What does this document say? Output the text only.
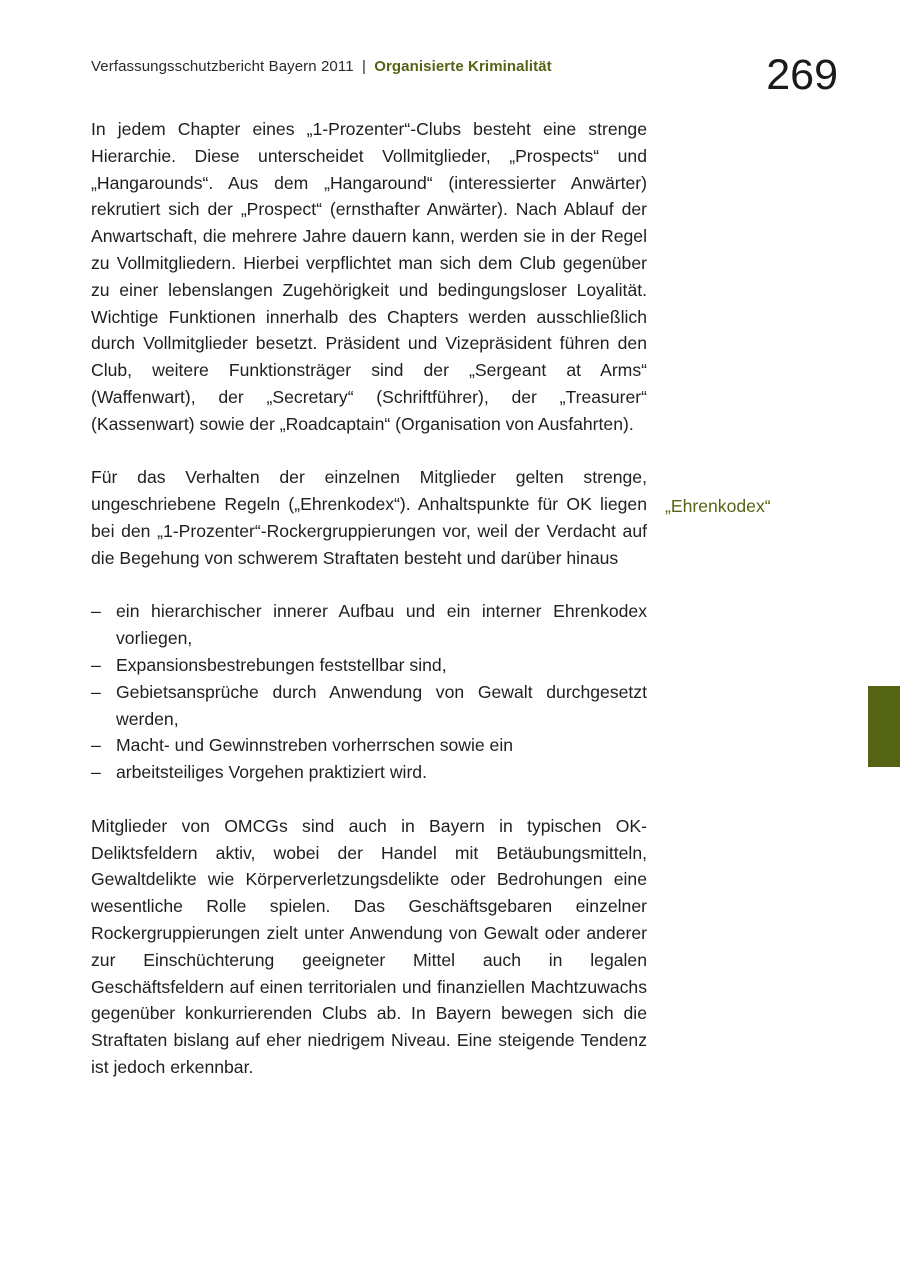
Verfassungsschutzbericht Bayern 2011 | Organisierte Kriminalität	269

In jedem Chapter eines „1-Prozenter“-Clubs besteht eine strenge Hierarchie. Diese unterscheidet Vollmitglieder, „Prospects“ und „Hangarounds“. Aus dem „Hangaround“ (interessierter Anwärter) rekrutiert sich der „Prospect“ (ernsthafter Anwärter). Nach Ablauf der Anwartschaft, die mehrere Jahre dauern kann, werden sie in der Regel zu Vollmitgliedern. Hierbei verpflichtet man sich dem Club gegenüber zu einer lebenslangen Zugehörigkeit und bedingungsloser Loyalität. Wichtige Funktionen innerhalb des Chapters werden ausschließlich durch Vollmitglieder besetzt. Präsident und Vizepräsident führen den Club, weitere Funktionsträger sind der „Sergeant at Arms“ (Waffenwart), der „Secretary“ (Schriftführer), der „Treasurer“ (Kassenwart) sowie der „Roadcaptain“ (Organisation von Ausfahrten).

Für das Verhalten der einzelnen Mitglieder gelten strenge, ungeschriebene Regeln („Ehrenkodex“). Anhaltspunkte für OK liegen bei den „1-Prozenter“-Rockergruppierungen vor, weil der Verdacht auf die Begehung von schwerem Straftaten besteht und darüber hinaus

– ein hierarchischer innerer Aufbau und ein interner Ehrenkodex vorliegen,
– Expansionsbestrebungen feststellbar sind,
– Gebietsansprüche durch Anwendung von Gewalt durchgesetzt werden,
– Macht- und Gewinnstreben vorherrschen sowie ein
– arbeitsteiliges Vorgehen praktiziert wird.

Mitglieder von OMCGs sind auch in Bayern in typischen OK-Deliktsfeldern aktiv, wobei der Handel mit Betäubungsmitteln, Gewaltdelikte wie Körperverletzungsdelikte oder Bedrohungen eine wesentliche Rolle spielen. Das Geschäftsgebaren einzelner Rockergruppierungen zielt unter Anwendung von Gewalt oder anderer zur Einschüchterung geeigneter Mittel auch in legalen Geschäftsfeldern auf einen territorialen und finanziellen Machtzuwachs gegenüber konkurrierenden Clubs ab. In Bayern bewegen sich die Straftaten bislang auf eher niedrigem Niveau. Eine steigende Tendenz ist jedoch erkennbar.

„Ehrenkodex“
